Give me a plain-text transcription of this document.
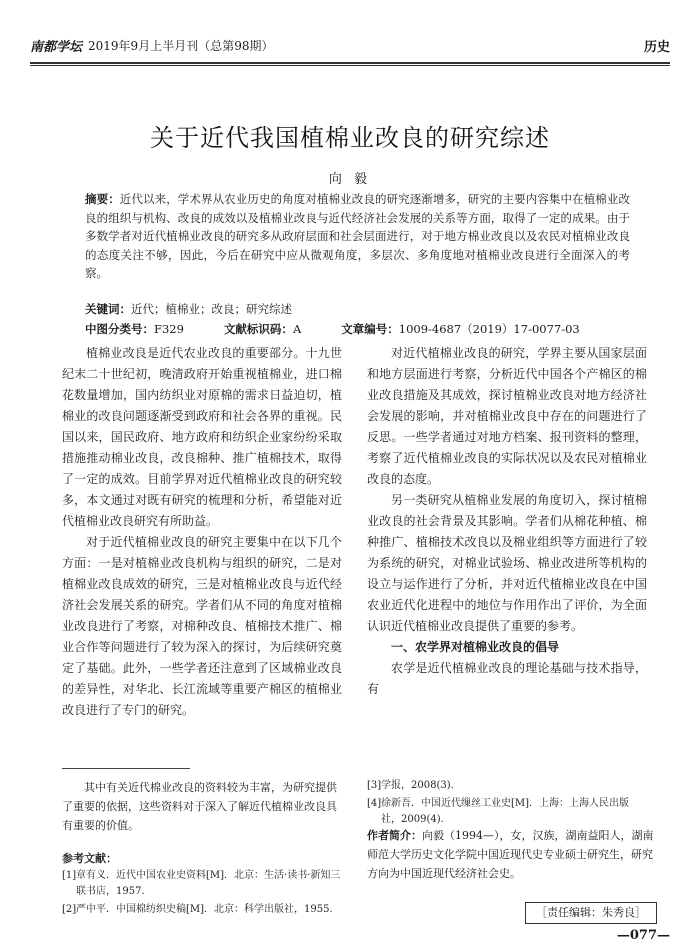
南都学坛 2019年9月上半月刊（总第98期）	历史
关于近代我国植棉业改良的研究综述
向 毅
摘要：近代以来，学术界从农业历史的角度对植棉业改良的研究逐渐增多，研究的主要内容集中在植棉业改良的组织与机构、改良的成效以及植棉业改良与近代经济社会发展的关系等方面，取得了一定的成果。由于多数学者对近代植棉业改良的研究多从政府层面和社会层面进行，对于地方棉业改良以及农民对植棉业改良的态度关注不够，因此，今后在研究中应从微观角度，多层次、多角度地对植棉业改良进行全面深入的考察。
关键词：近代；植棉业；改良；研究综述
中图分类号：F329	文献标识码：A	文章编号：1009-4687（2019）17-0077-03

植棉业改良是近代农业改良的重要部分。十九世纪末二十世纪初，晚清政府开始重视植棉业，进口棉花数量增加，国内纺织业对原棉的需求日益迫切，植棉业的改良问题逐渐受到政府和社会各界的重视。民国以来，国民政府、地方政府和纺织企业家纷纷采取措施推动棉业改良，改良棉种、推广植棉技术，取得了一定的成效。目前学界对近代植棉业改良的研究较多，本文通过对既有研究的梳理和分析，希望能对近代植棉业改良研究有所助益。

对于近代植棉业改良的研究主要集中在以下几个方面：一是对植棉业改良机构与组织的研究，二是对植棉业改良成效的研究，三是对植棉业改良与近代经济社会发展关系的研究。学者们从不同的角度对植棉业改良进行了考察，对棉种改良、植棉技术推广、棉业合作等问题进行了较为深入的探讨，为后续研究奠定了基础。此外，一些学者还注意到了区域棉业改良的差异性，对华北、长江流域等重要产棉区的植棉业改良进行了专门的研究。

对近代植棉业改良的研究，学界主要从国家层面和地方层面进行考察，分析近代中国各个产棉区的棉业改良措施及其成效，探讨植棉业改良对地方经济社会发展的影响，并对植棉业改良中存在的问题进行了反思。一些学者通过对地方档案、报刊资料的整理，考察了近代植棉业改良的实际状况以及农民对植棉业改良的态度。

另一类研究从植棉业发展的角度切入，探讨植棉业改良的社会背景及其影响。学者们从棉花种植、棉种推广、植棉技术改良以及棉业组织等方面进行了较为系统的研究，对棉业试验场、棉业改进所等机构的设立与运作进行了分析，并对近代植棉业改良在中国农业近代化进程中的地位与作用作出了评价，为全面认识近代植棉业改良提供了重要的参考。

一、农学界对植棉业改良的倡导

农学是近代植棉业改良的理论基础与技术指导，有

其中有关近代棉业改良的资料较为丰富，为研究提供了重要的依据，这些资料对于深入了解近代植棉业改良具有重要的价值。

参考文献：

[1] 章有义．近代中国农业史资料[M]．北京：生活·读书·新知三联书店，1957.

[2] 严中平．中国棉纺织史稿[M]．北京：科学出版社，1955.

[3] 学报，2008(3).

[4] 徐新吾．中国近代缫丝工业史[M]．上海：上海人民出版社，2009(4).

作者简介：向毅（1994—），女，汉族，湖南益阳人，湖南师范大学历史文化学院中国近现代史专业硕士研究生，研究方向为中国近现代经济社会史。
［责任编辑：朱秀良］
—077—
